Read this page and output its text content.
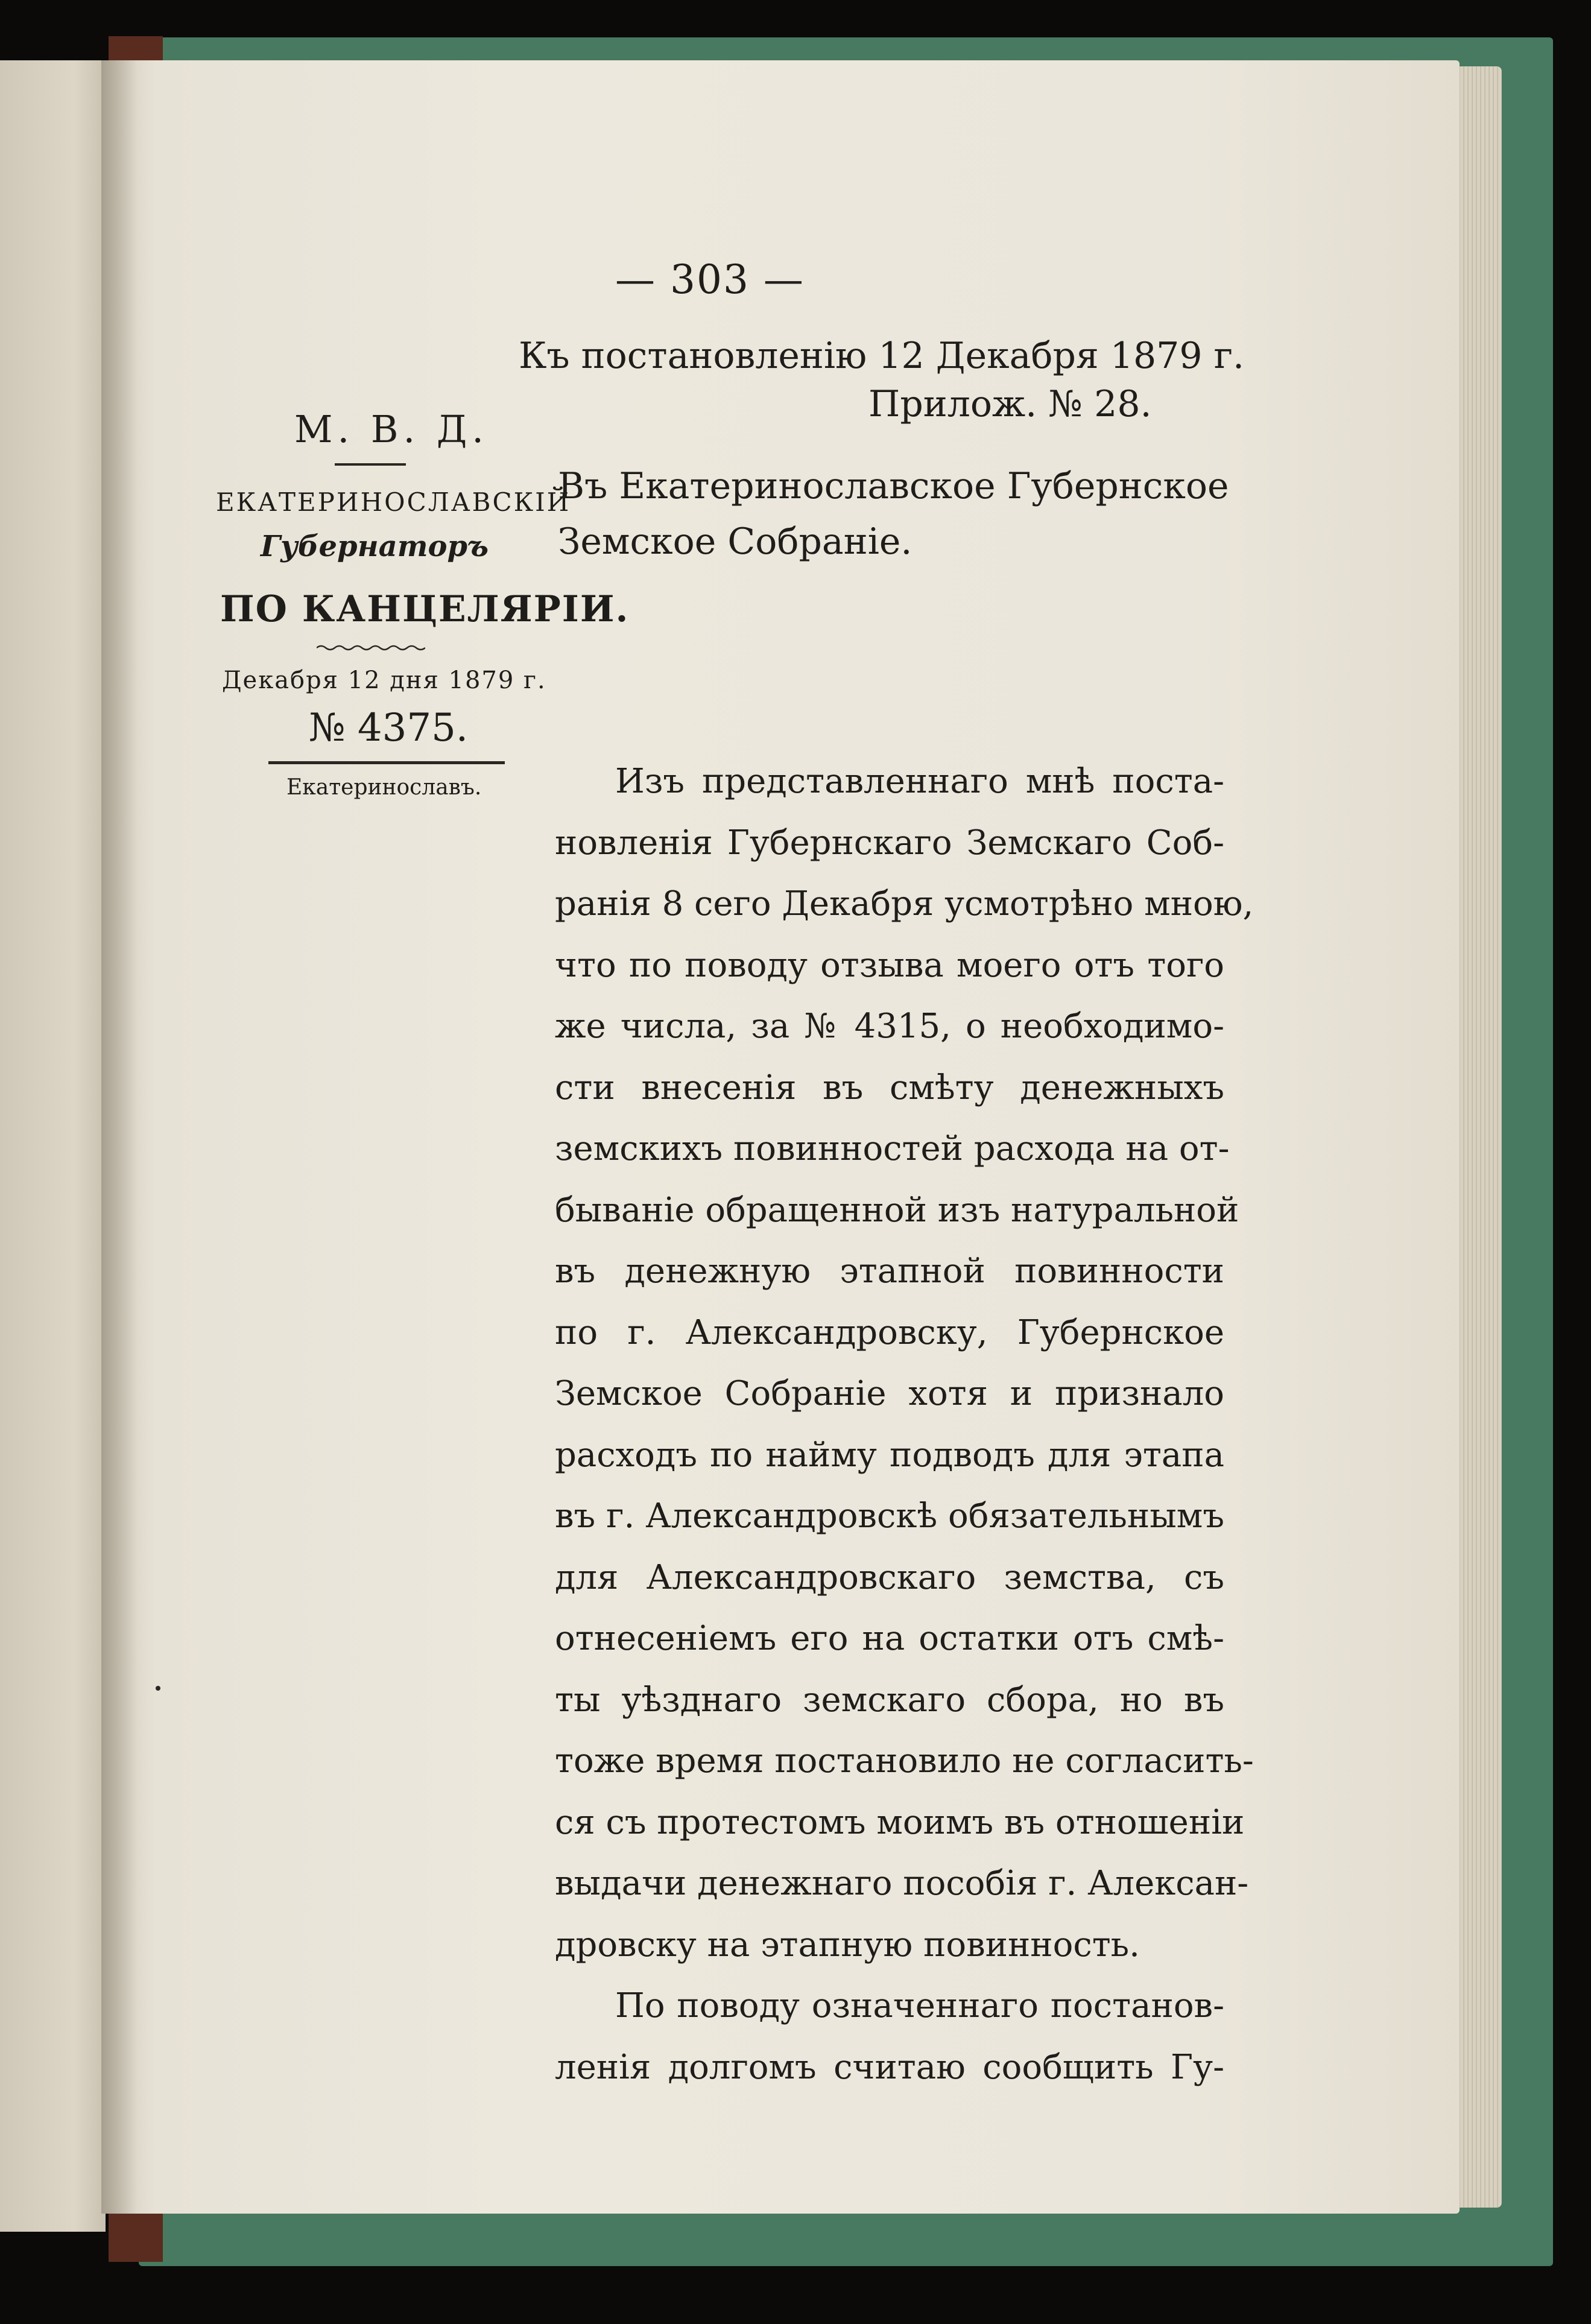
— 303 —
Къ постановленію 12 Декабря 1879 г.
Прилож. № 28.
М. В. Д.
ЕКАТЕРИНОСЛАВСКІЙ
Губернаторъ
ПО КАНЦЕЛЯРІИ.
Декабря 12 дня 1879 г.
№ 4375.
Екатеринославъ.
Въ Екатеринославское Губернское
Земское Собраніе.
Изъ представленнаго мнѣ поста-
новленія Губернскаго Земскаго Соб-
ранія 8 сего Декабря усмотрѣно мною,
что по поводу отзыва моего отъ того
же числа, за № 4315, о необходимо-
сти внесенія въ смѣту денежныхъ
земскихъ повинностей расхода на от-
бываніе обращенной изъ натуральной
въ денежную этапной повинности
по г. Александровску, Губернское
Земское Собраніе хотя и признало
расходъ по найму подводъ для этапа
въ г. Александровскѣ обязательнымъ
для Александровскаго земства, съ
отнесеніемъ его на остатки отъ смѣ-
ты уѣзднаго земскаго сбора, но въ
тоже время постановило не согласить-
ся съ протестомъ моимъ въ отношеніи
выдачи денежнаго пособія г. Алексан-
дровску на этапную повинность.
По поводу означеннаго постанов-
ленія долгомъ считаю сообщить Гу-
